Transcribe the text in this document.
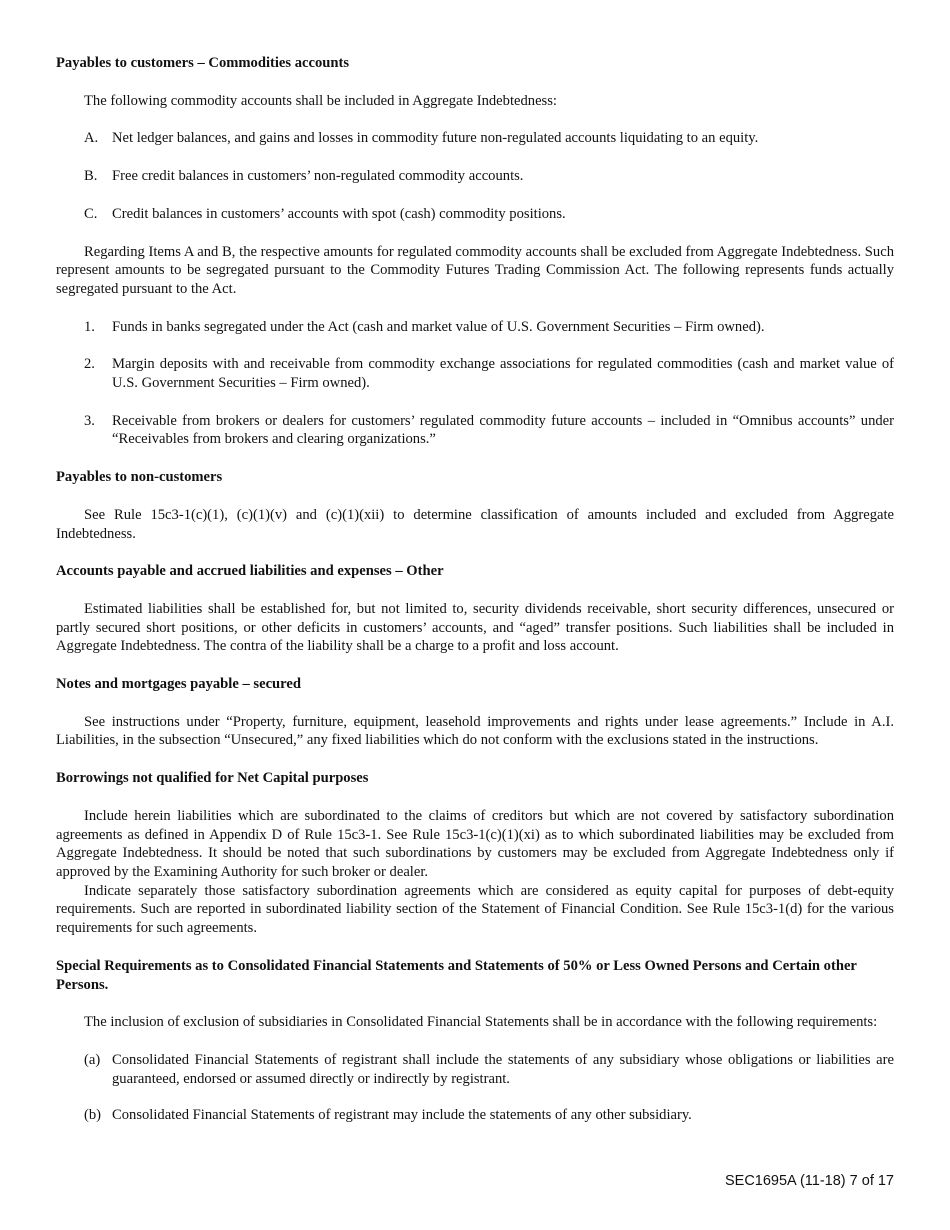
Payables to customers – Commodities accounts

The following commodity accounts shall be included in Aggregate Indebtedness:

A. Net ledger balances, and gains and losses in commodity future non-regulated accounts liquidating to an equity.
B.	Free credit balances in customers’ non-regulated commodity accounts.
C.	Credit balances in customers’ accounts with spot (cash) commodity positions.

Regarding Items A and B, the respective amounts for regulated commodity accounts shall be excluded from Aggregate Indebtedness. Such represent amounts to be segregated pursuant to the Commodity Futures Trading Commission Act. The following represents funds actually segregated pursuant to the Act.

1.	Funds in banks segregated under the Act (cash and market value of U.S. Government Securities – Firm owned).
2.	Margin deposits with and receivable from commodity exchange associations for regulated commodities (cash and market value of U.S. Government Securities – Firm owned).
3.	Receivable from brokers or dealers for customers’ regulated commodity future accounts – included in “Omnibus accounts” under “Receivables from brokers and clearing organizations.”

Payables to non-customers

See Rule 15c3-1(c)(1), (c)(1)(v) and (c)(1)(xii) to determine classification of amounts included and excluded from Aggregate Indebtedness.

Accounts payable and accrued liabilities and expenses – Other

Estimated liabilities shall be established for, but not limited to, security dividends receivable, short security differences, unsecured or partly secured short positions, or other deficits in customers’ accounts, and “aged” transfer positions. Such liabilities shall be included in Aggregate Indebtedness. The contra of the liability shall be a charge to a profit and loss account.

Notes and mortgages payable – secured

See instructions under “Property, furniture, equipment, leasehold improvements and rights under lease agreements.” Include in A.I. Liabilities, in the subsection “Unsecured,” any fixed liabilities which do not conform with the exclusions stated in the instructions.

Borrowings not qualified for Net Capital purposes

Include herein liabilities which are subordinated to the claims of creditors but which are not covered by satisfactory subordination agreements as defined in Appendix D of Rule 15c3-1. See Rule 15c3-1(c)(1)(xi) as to which subordinated liabilities may be excluded from Aggregate Indebtedness. It should be noted that such subordinations by customers may be excluded from Aggregate Indebtedness only if approved by the Examining Authority for such broker or dealer.

Indicate separately those satisfactory subordination agreements which are considered as equity capital for purposes of debt-equity requirements. Such are reported in subordinated liability section of the Statement of Financial Condition. See Rule 15c3-1(d) for the various requirements for such agreements.

Special Requirements as to Consolidated Financial Statements and Statements of 50% or Less Owned Persons and Certain other Persons.

The inclusion of exclusion of subsidiaries in Consolidated Financial Statements shall be in accordance with the following requirements:

(a) Consolidated Financial Statements of registrant shall include the statements of any subsidiary whose obligations or liabilities are guaranteed, endorsed or assumed directly or indirectly by registrant.
(b) Consolidated Financial Statements of registrant may include the statements of any other subsidiary.
SEC1695A (11-18) 7 of 17
